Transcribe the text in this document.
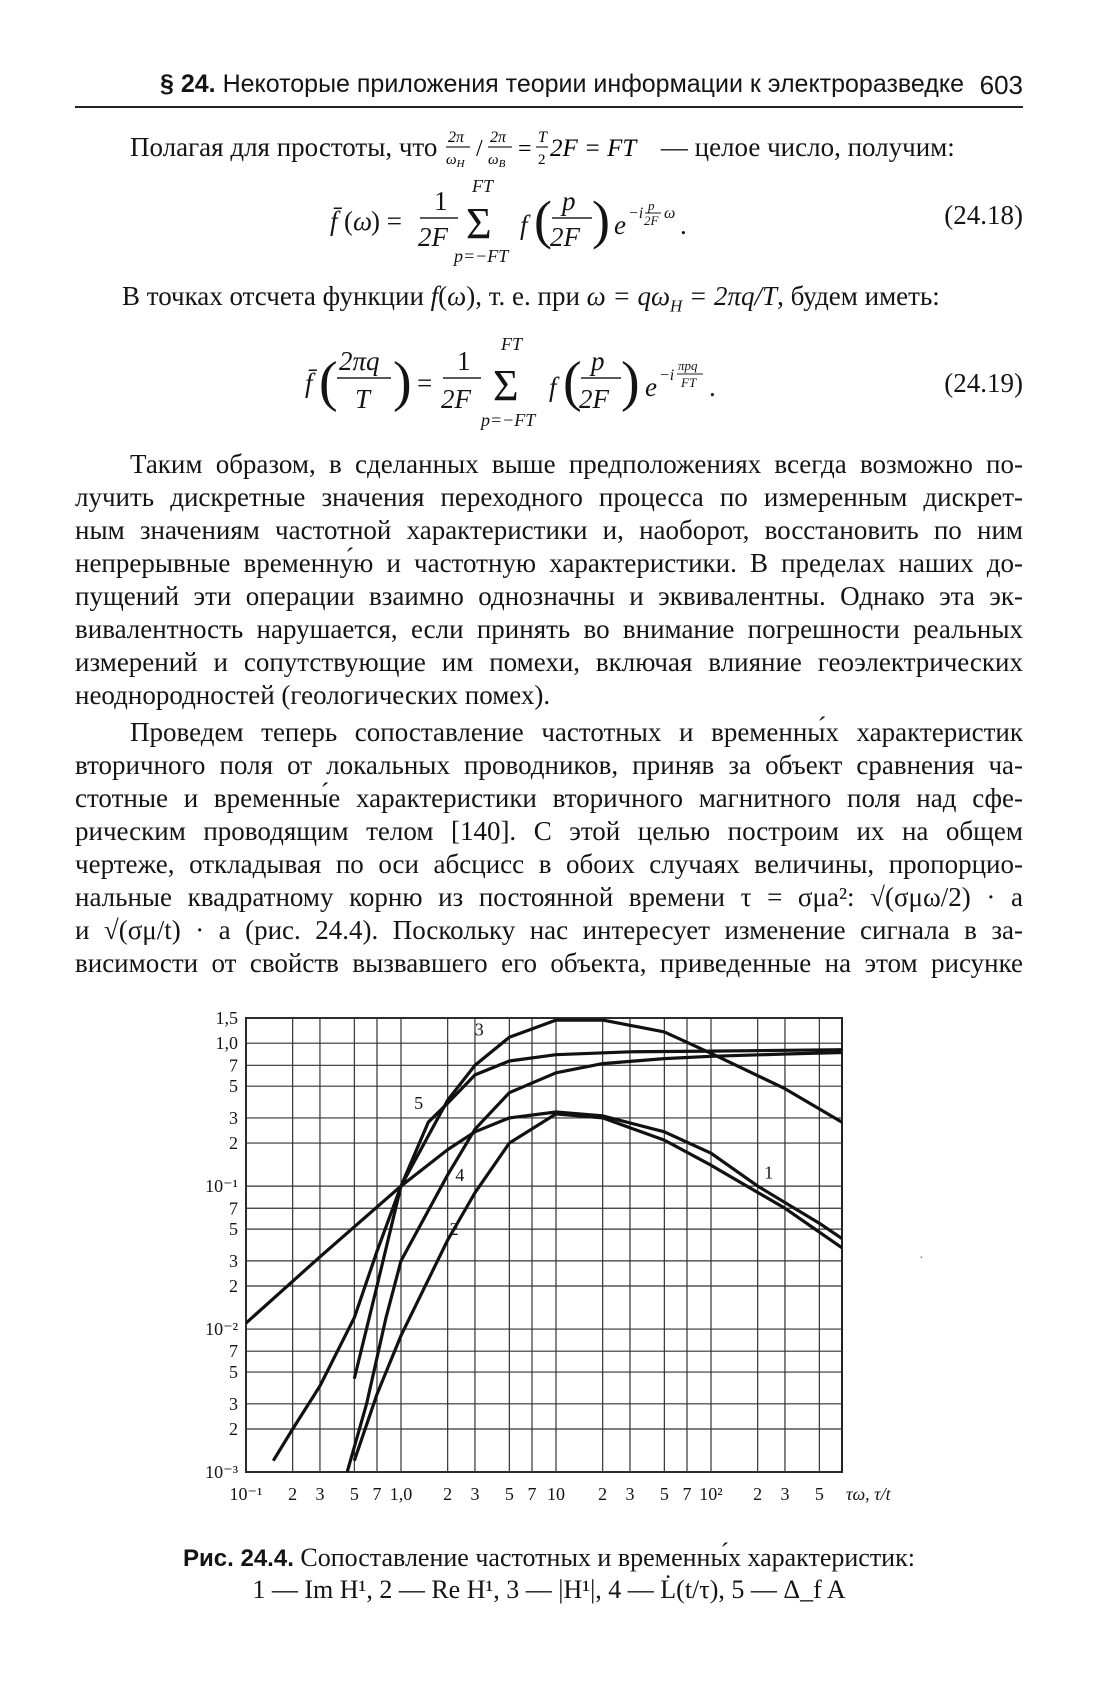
§ 24. Некоторые приложения теории информации к электроразведке 603
Полагая для простоты, что 2π
$\omega_H$
/ 2π
$\omega_B$
= T
2 2F = FT — целое число, получим:
f̄ ( ω
) =
1
2F
FT
Σ
p=−FT
f ( p
2F ) e −i p
2F ω .	(24.18)
В точках отсчета функции f(ω), т. е. при $\omega = q\omega_H = 2\pi q/T$, будем иметь:
f̄ ( 2πq
T ) =
1
2F
FT
Σ
p=−FT
f ( p
2F ) e −i
πpq
FT .	(24.19)
Таким образом, в сделанных выше предположениях всегда возможно по-
лучить дискретные значения переходного процесса по измеренным дискрет-
ным значениям частотной характеристики и, наоборот, восстановить по ним
непрерывные временну́ю и частотную характеристики. В пределах наших до-
пущений эти операции взаимно однозначны и эквивалентны. Однако эта эк-
вивалентность нарушается, если принять во внимание погрешности реальных
измерений и сопутствующие им помехи, включая влияние геоэлектрических
неоднородностей (геологических помех).
Проведем теперь сопоставление частотных и временны́х характеристик
вторичного поля от локальных проводников, приняв за объект сравнения ча-
стотные и временны́е характеристики вторичного магнитного поля над сфе-
рическим проводящим телом [140]. С этой целью построим их на общем
чертеже, откладывая по оси абсцисс в обоих случаях величины, пропорцио-
нальные квадратному корню из постоянной времени τ = σμa²: √(σμω/2) · a
и √(σμ/t) · a (рис. 24.4). Поскольку нас интересует изменение сигнала в за-
висимости от свойств вызвавшего его объекта, приведенные на этом рисунке
·
10⁻¹ 2 3 5 7 1,0 2 3 5 7 10 2 3 5 7 10² 2 3 5
1,5
1,0
7
5
3
2
10⁻¹
7
5
3
2
10⁻²
7
5
3
2
10⁻³
τω, τ/t
1
2
3
4
5
Рис. 24.4. Сопоставление частотных и временны́х характеристик:
1 — Im H¹, 2 — Re H¹, 3 — |H¹|, 4 — L̇(t/τ), 5 — Δ_f A
